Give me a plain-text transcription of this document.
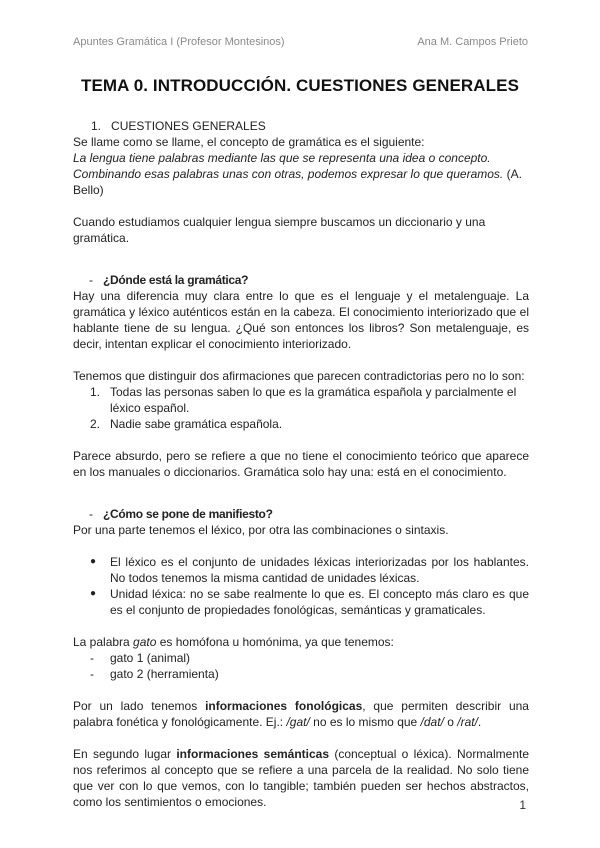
Apuntes Gramática I (Profesor Montesinos)	Ana M. Campos Prieto
TEMA 0. INTRODUCCIÓN. CUESTIONES GENERALES

1. CUESTIONES GENERALES

Se llame como se llame, el concepto de gramática es el siguiente:

La lengua tiene palabras mediante las que se representa una idea o concepto. Combinando esas palabras unas con otras, podemos expresar lo que queramos. (A. Bello)

Cuando estudiamos cualquier lengua siempre buscamos un diccionario y una gramática.

- ¿Dónde está la gramática?

Hay una diferencia muy clara entre lo que es el lenguaje y el metalenguaje. La gramática y léxico auténticos están en la cabeza. El conocimiento interiorizado que el hablante tiene de su lengua. ¿Qué son entonces los libros? Son metalenguaje, es decir, intentan explicar el conocimiento interiorizado.

Tenemos que distinguir dos afirmaciones que parecen contradictorias pero no lo son:

1. Todas las personas saben lo que es la gramática española y parcialmente el léxico español.
2. Nadie sabe gramática española.

Parece absurdo, pero se refiere a que no tiene el conocimiento teórico que aparece en los manuales o diccionarios. Gramática solo hay una: está en el conocimiento.

- ¿Cómo se pone de manifiesto?

Por una parte tenemos el léxico, por otra las combinaciones o sintaxis.

●	El léxico es el conjunto de unidades léxicas interiorizadas por los hablantes. No todos tenemos la misma cantidad de unidades léxicas.
●	Unidad léxica: no se sabe realmente lo que es. El concepto más claro es que es el conjunto de propiedades fonológicas, semánticas y gramaticales.

La palabra gato es homófona u homónima, ya que tenemos:

-	gato 1 (animal)
-	gato 2 (herramienta)

Por un lado tenemos informaciones fonológicas, que permiten describir una palabra fonética y fonológicamente. Ej.: /gat/ no es lo mismo que /dat/ o /rat/.

En segundo lugar informaciones semánticas (conceptual o léxica). Normalmente nos referimos al concepto que se refiere a una parcela de la realidad. No solo tiene que ver con lo que vemos, con lo tangible; también pueden ser hechos abstractos, como los sentimientos o emociones.	1
